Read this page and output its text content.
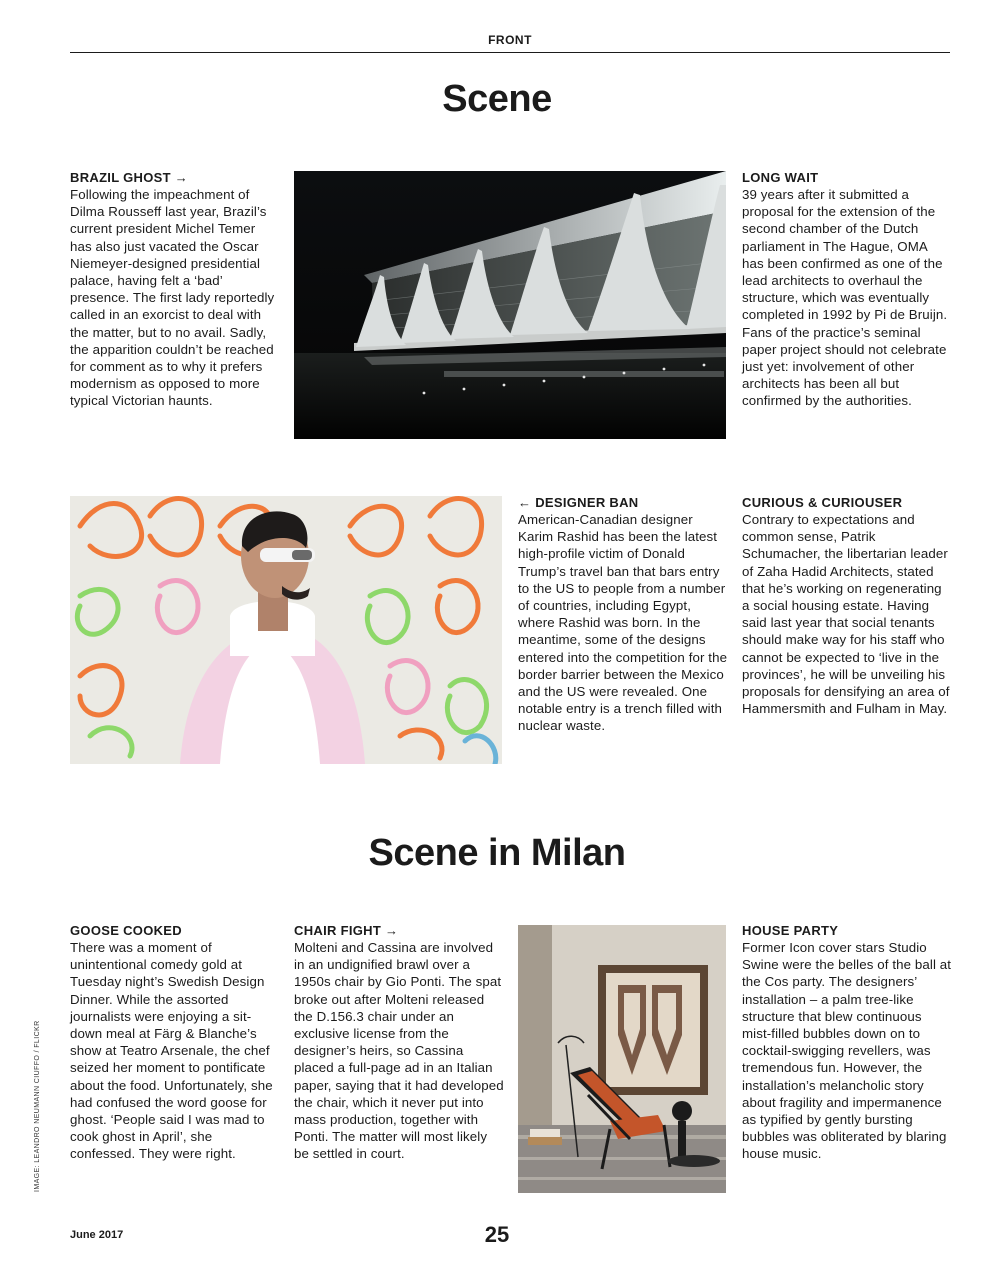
FRONT
Scene
BRAZIL GHOST →

Following the impeachment of Dilma Rousseff last year, Brazil’s current president Michel Temer has also just vacated the Oscar Niemeyer-designed presidential palace, having felt a ‘bad’ presence. The first lady reportedly called in an exorcist to deal with the matter, but to no avail. Sadly, the apparition couldn’t be reached for comment as to why it prefers modernism as opposed to more typical Victorian haunts.

LONG WAIT

39 years after it submitted a proposal for the extension of the second chamber of the Dutch parliament in The Hague, OMA has been confirmed as one of the lead architects to overhaul the structure, which was eventually completed in 1992 by Pi de Bruijn. Fans of the practice’s seminal paper project should not celebrate just yet: involvement of other architects has been all but confirmed by the authorities.

← DESIGNER BAN

American-Canadian designer Karim Rashid has been the latest high-profile victim of Donald Trump’s travel ban that bars entry to the US to people from a number of countries, including Egypt, where Rashid was born. In the meantime, some of the designs entered into the competition for the border barrier between the Mexico and the US were revealed. One notable entry is a trench filled with nuclear waste.

CURIOUS & CURIOUSER

Contrary to expectations and common sense, Patrik Schumacher, the libertarian leader of Zaha Hadid Architects, stated that he’s working on regenerating a social housing estate. Having said last year that social tenants should make way for his staff who cannot be expected to ‘live in the provinces’, he will be unveiling his proposals for densifying an area of Hammersmith and Fulham in May.

Scene in Milan
GOOSE COOKED

There was a moment of unintentional comedy gold at Tuesday night’s Swedish Design Dinner. While the assorted journalists were enjoying a sit-down meal at Färg & Blanche’s show at Teatro Arsenale, the chef seized her moment to pontificate about the food. Unfortunately, she had confused the word goose for ghost. ‘People said I was mad to cook ghost in April’, she confessed. They were right.

CHAIR FIGHT →

Molteni and Cassina are involved in an undignified brawl over a 1950s chair by Gio Ponti. The spat broke out after Molteni released the D.156.3 chair under an exclusive license from the designer’s heirs, so Cassina placed a full-page ad in an Italian paper, saying that it had developed the chair, which it never put into mass production, together with Ponti. The matter will most likely be settled in court.

HOUSE PARTY

Former Icon cover stars Studio Swine were the belles of the ball at the Cos party. The designers’ installation – a palm tree-like structure that blew continuous mist-filled bubbles down on to cocktail-swigging revellers, was tremendous fun. However, the installation’s melancholic story about fragility and impermanence as typified by gently bursting bubbles was obliterated by blaring house music.

IMAGE: LEANDRO NEUMANN CIUFFO / FLICKR
June 2017	25
